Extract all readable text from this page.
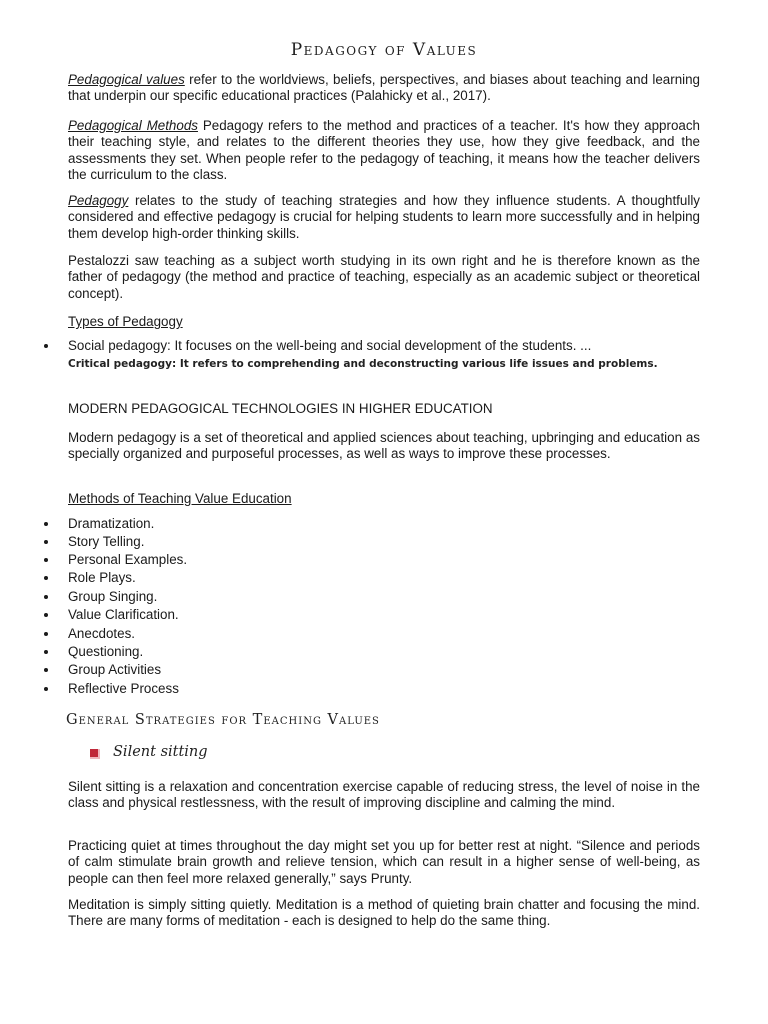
Pedagogy of Values

Pedagogical values refer to the worldviews, beliefs, perspectives, and biases about teaching and learning that underpin our specific educational practices (Palahicky et al., 2017).

Pedagogical Methods Pedagogy refers to the method and practices of a teacher. It's how they approach their teaching style, and relates to the different theories they use, how they give feedback, and the assessments they set. When people refer to the pedagogy of teaching, it means how the teacher delivers the curriculum to the class.

Pedagogy relates to the study of teaching strategies and how they influence students. A thoughtfully considered and effective pedagogy is crucial for helping students to learn more successfully and in helping them develop high-order thinking skills.

Pestalozzi saw teaching as a subject worth studying in its own right and he is therefore known as the father of pedagogy (the method and practice of teaching, especially as an academic subject or theoretical concept).

Types of Pedagogy
Social pedagogy: It focuses on the well-being and social development of the students. ...
Critical pedagogy: It refers to comprehending and deconstructing various life issues and problems.
MODERN PEDAGOGICAL TECHNOLOGIES IN HIGHER EDUCATION

Modern pedagogy is a set of theoretical and applied sciences about teaching, upbringing and education as specially organized and purposeful processes, as well as ways to improve these processes.

Methods of Teaching Value Education
Dramatization.
Story Telling.
Personal Examples.
Role Plays.
Group Singing.
Value Clarification.
Anecdotes.
Questioning.
Group Activities
Reflective Process
General Strategies for Teaching Values
Silent sitting

Silent sitting is a relaxation and concentration exercise capable of reducing stress, the level of noise in the class and physical restlessness, with the result of improving discipline and calming the mind.

Practicing quiet at times throughout the day might set you up for better rest at night. “Silence and periods of calm stimulate brain growth and relieve tension, which can result in a higher sense of well-being, as people can then feel more relaxed generally,” says Prunty.

Meditation is simply sitting quietly. Meditation is a method of quieting brain chatter and focusing the mind. There are many forms of meditation - each is designed to help do the same thing.
